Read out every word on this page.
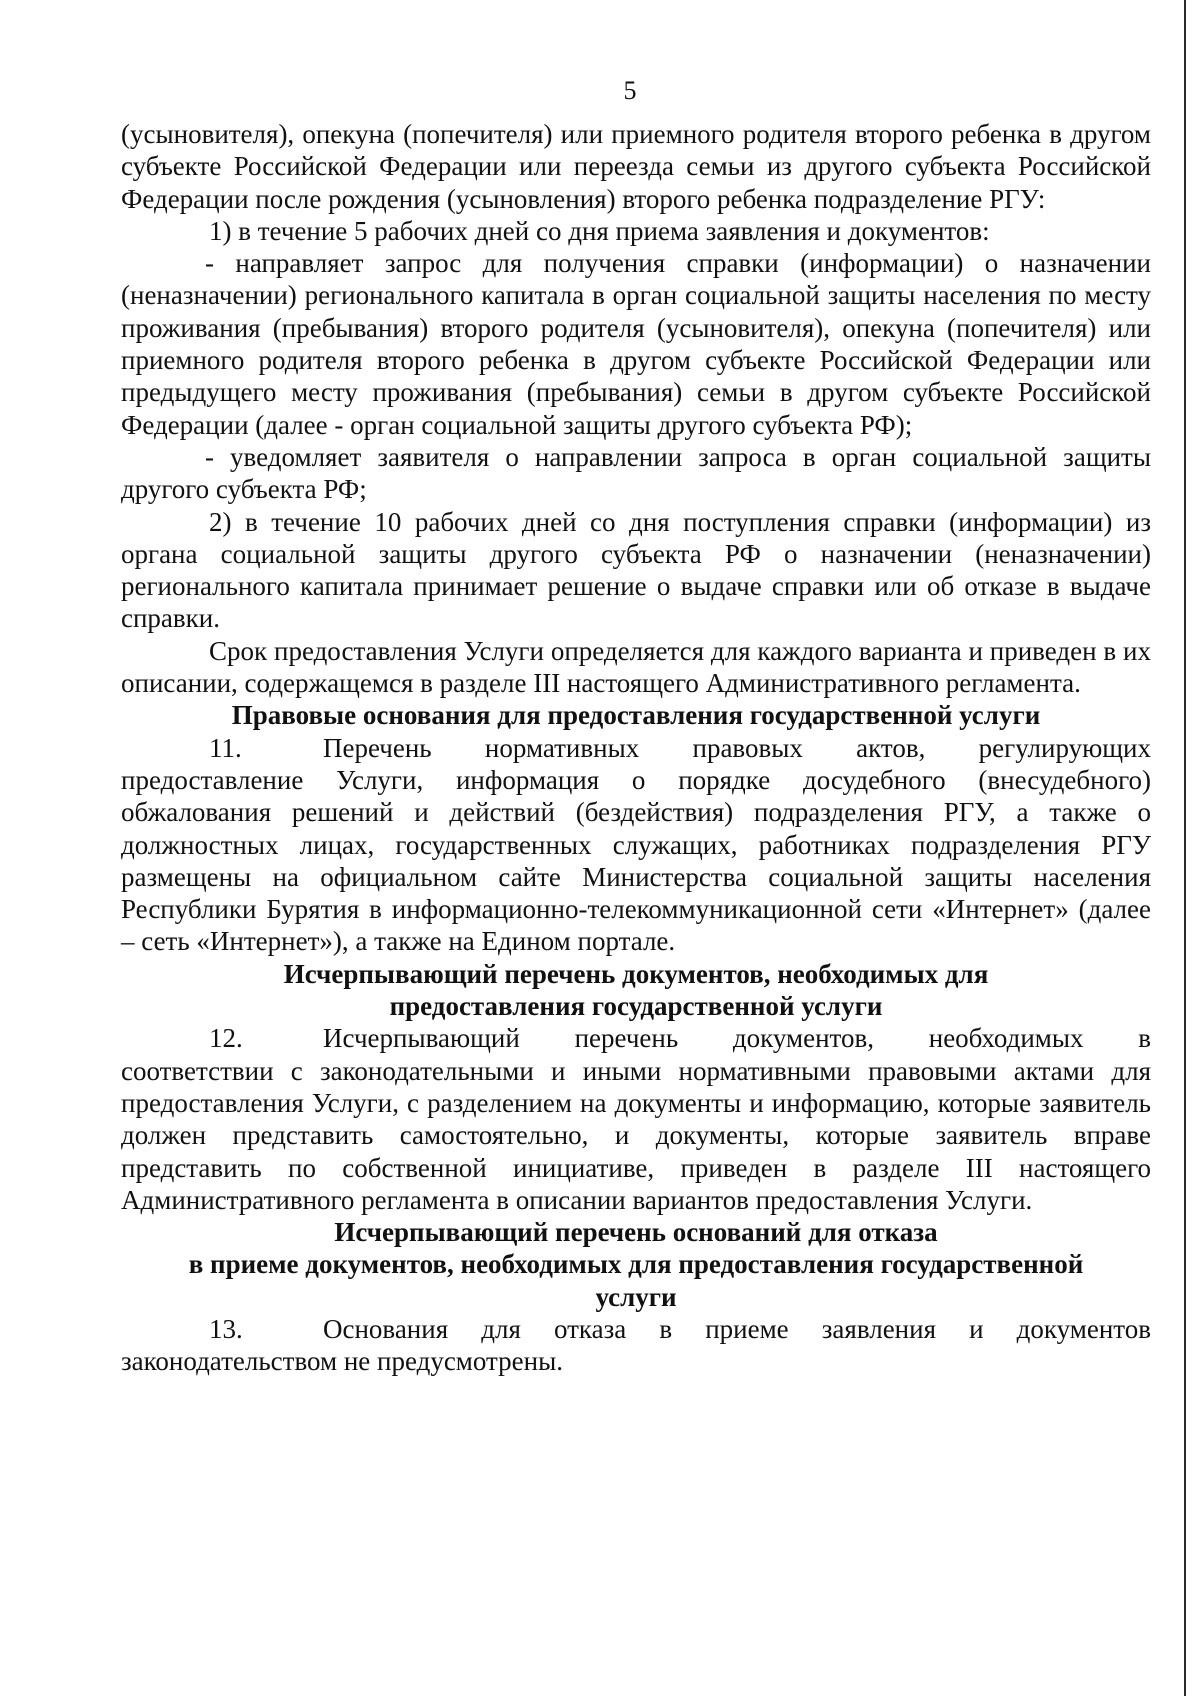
5

(усыновителя), опекуна (попечителя) или приемного родителя второго ребенка в другом субъекте Российской Федерации или переезда семьи из другого субъекта Российской Федерации после рождения (усыновления) второго ребенка подразделение РГУ:

1) в течение 5 рабочих дней со дня приема заявления и документов:

- направляет запрос для получения справки (информации) о назначении (неназначении) регионального капитала в орган социальной защиты населения по месту проживания (пребывания) второго родителя (усыновителя), опекуна (попечителя) или приемного родителя второго ребенка в другом субъекте Российской Федерации или предыдущего месту проживания (пребывания) семьи в другом субъекте Российской Федерации (далее - орган социальной защиты другого субъекта РФ);

- уведомляет заявителя о направлении запроса в орган социальной защиты другого субъекта РФ;

2) в течение 10 рабочих дней со дня поступления справки (информации) из органа социальной защиты другого субъекта РФ о назначении (неназначении) регионального капитала принимает решение о выдаче справки или об отказе в выдаче справки.

Срок предоставления Услуги определяется для каждого варианта и приведен в их описании, содержащемся в разделе III настоящего Административного регламента.

Правовые основания для предоставления государственной услуги
11.	Перечень нормативных правовых актов, регулирующих

предоставление Услуги, информация о порядке досудебного (внесудебного) обжалования решений и действий (бездействия) подразделения РГУ, а также о должностных лицах, государственных служащих, работниках подразделения РГУ размещены на официальном сайте Министерства социальной защиты населения Республики Бурятия в информационно-телекоммуникационной сети «Интернет» (далее – сеть «Интернет»), а также на Едином портале.

Исчерпывающий перечень документов, необходимых для
предоставления государственной услуги
12.	Исчерпывающий перечень документов, необходимых в

соответствии с законодательными и иными нормативными правовыми актами для предоставления Услуги, с разделением на документы и информацию, которые заявитель должен представить самостоятельно, и документы, которые заявитель вправе представить по собственной инициативе, приведен в разделе III настоящего Административного регламента в описании вариантов предоставления Услуги.

Исчерпывающий перечень оснований для отказа
в приеме документов, необходимых для предоставления государственной
услуги
13.	Основания для отказа в приеме заявления и документов

законодательством не предусмотрены.
